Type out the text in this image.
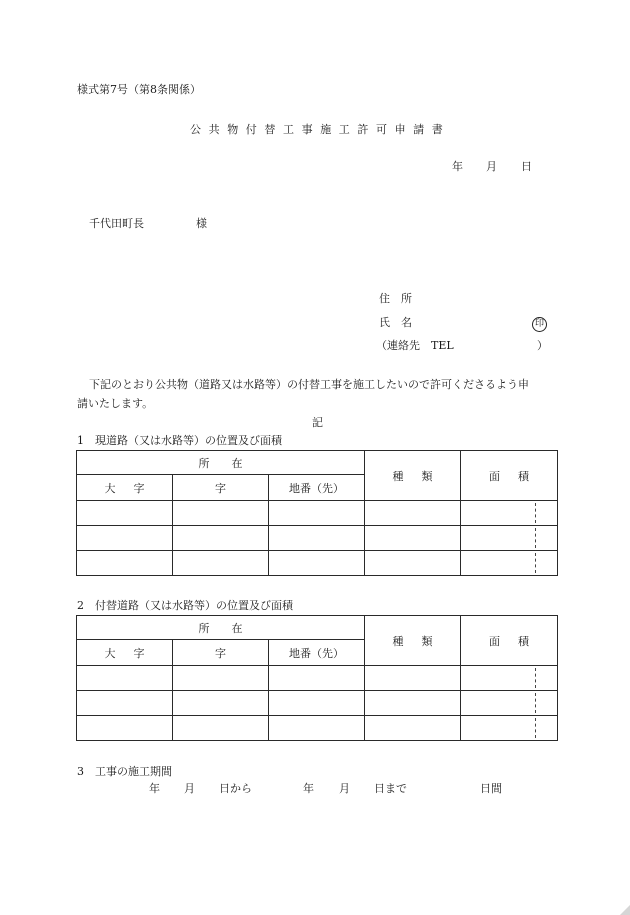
様式第7号（第8条関係）
公共物付替工事施工許可申請書
年 月 日
千代田町長	様
住　所
氏　名	印
（連絡先　TEL	）
下記のとおり公共物（道路又は水路等）の付替工事を施工したいので許可くださるよう申
請いたします。
記
1　現道路（又は水路等）の位置及び面積
所在			種類	面積
大字	字	地番（先）		

2　付替道路（又は水路等）の位置及び面積
所在			種類	面積
大字	字	地番（先）		

3　工事の施工期間
年 月 日から	年 月 日まで	日間
